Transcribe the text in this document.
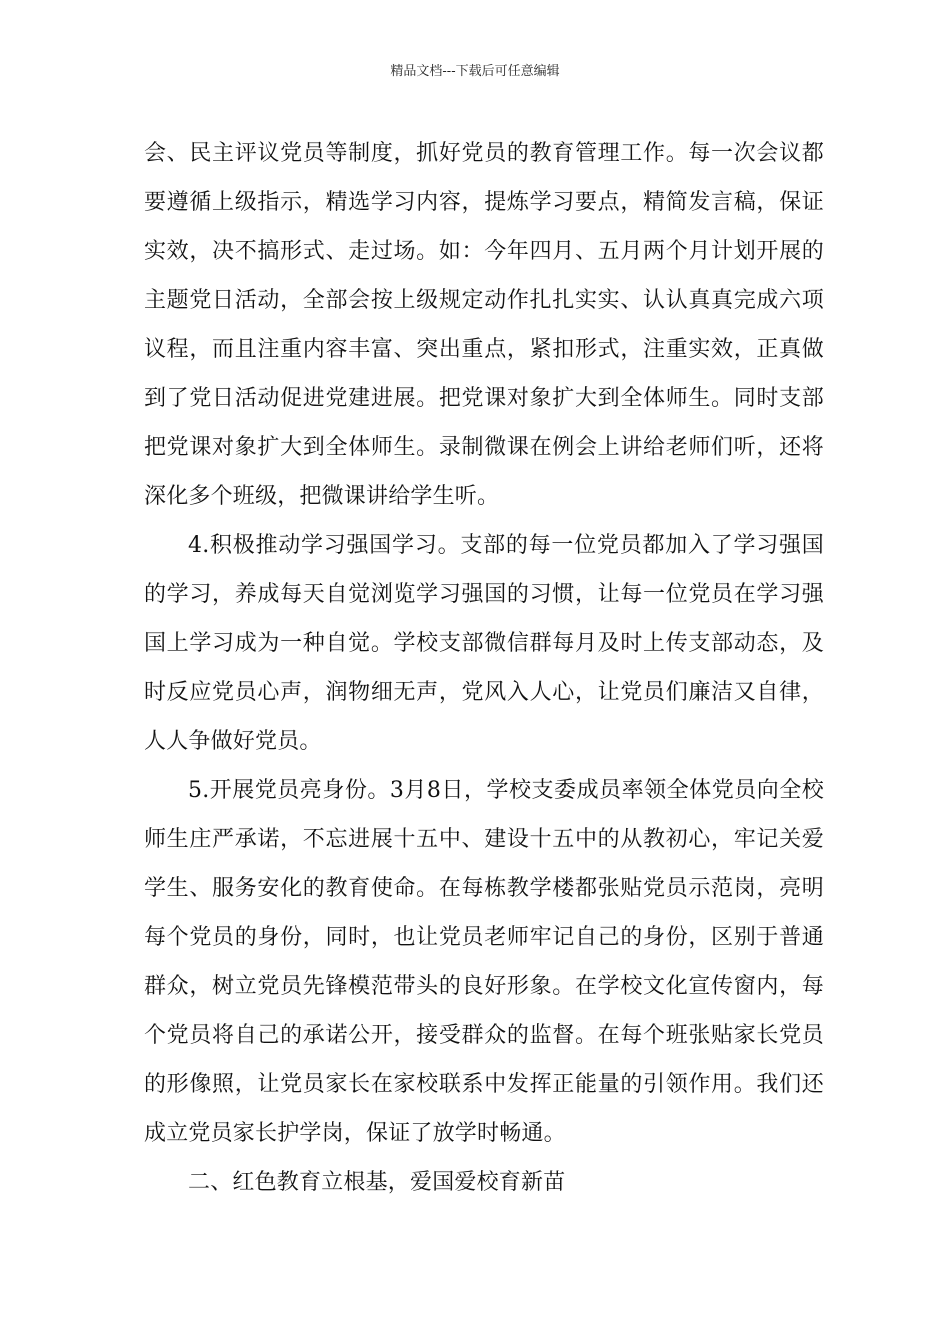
精品文档---下载后可任意编辑

会、民主评议党员等制度，抓好党员的教育管理工作。每一次会议都要遵循上级指示，精选学习内容，提炼学习要点，精简发言稿，保证实效，决不搞形式、走过场。如：今年四月、五月两个月计划开展的主题党日活动，全部会按上级规定动作扎扎实实、认认真真完成六项议程，而且注重内容丰富、突出重点，紧扣形式，注重实效，正真做到了党日活动促进党建进展。把党课对象扩大到全体师生。同时支部把党课对象扩大到全体师生。录制微课在例会上讲给老师们听，还将深化多个班级，把微课讲给学生听。

4.积极推动学习强国学习。支部的每一位党员都加入了学习强国的学习，养成每天自觉浏览学习强国的习惯，让每一位党员在学习强国上学习成为一种自觉。学校支部微信群每月及时上传支部动态，及时反应党员心声，润物细无声，党风入人心，让党员们廉洁又自律，人人争做好党员。

5.开展党员亮身份。3月8日，学校支委成员率领全体党员向全校师生庄严承诺，不忘进展十五中、建设十五中的从教初心，牢记关爱学生、服务安化的教育使命。在每栋教学楼都张贴党员示范岗，亮明每个党员的身份，同时，也让党员老师牢记自己的身份，区别于普通群众，树立党员先锋模范带头的良好形象。在学校文化宣传窗内，每个党员将自己的承诺公开，接受群众的监督。在每个班张贴家长党员的形像照，让党员家长在家校联系中发挥正能量的引领作用。我们还成立党员家长护学岗，保证了放学时畅通。

二、红色教育立根基，爱国爱校育新苗
